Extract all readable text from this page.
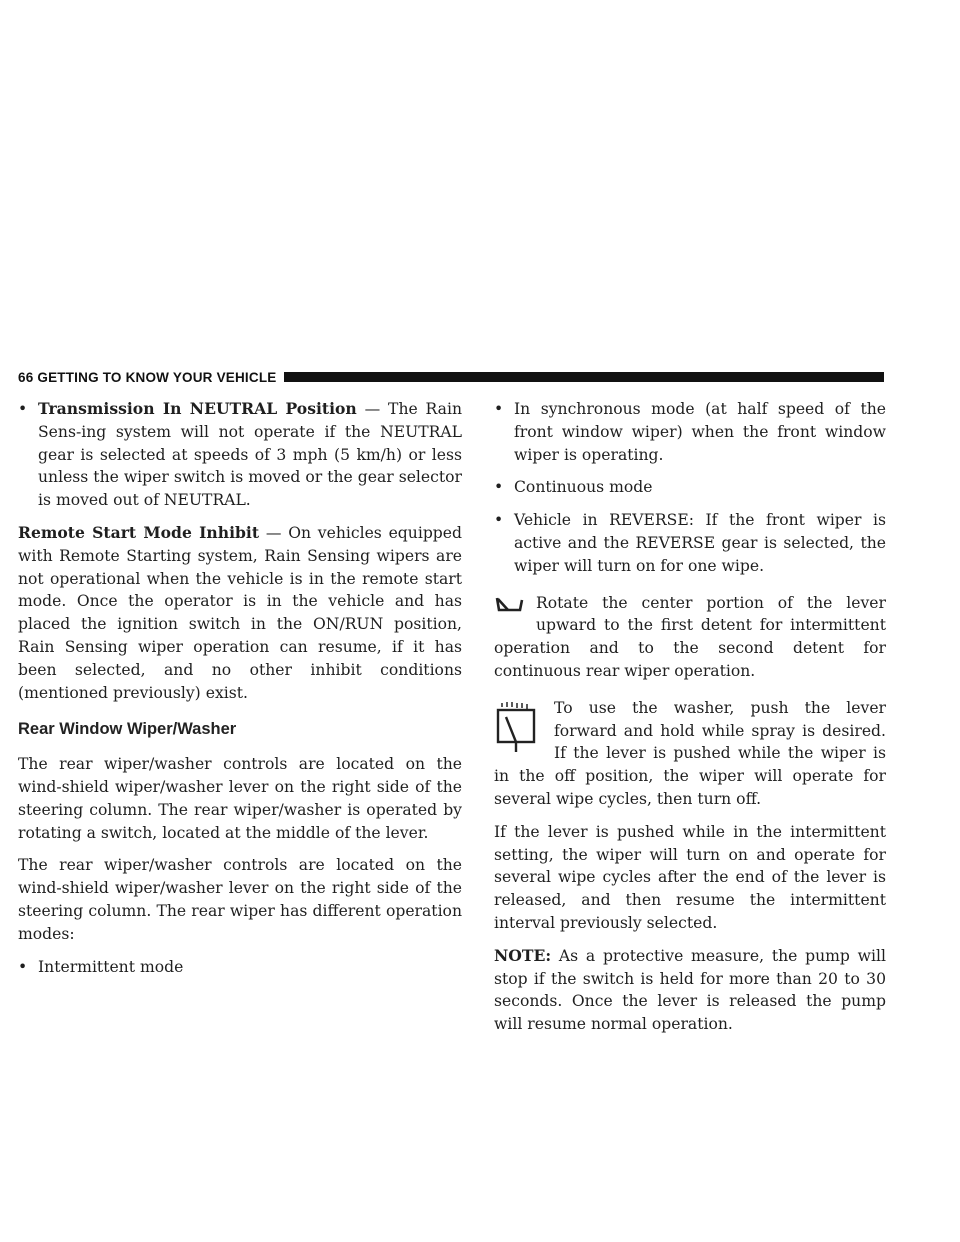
66 GETTING TO KNOW YOUR VEHICLE
• Transmission In NEUTRAL Position — The Rain Sens-ing system will not operate if the NEUTRAL gear is selected at speeds of 3 mph (5 km/h) or less unless the wiper switch is moved or the gear selector is moved out of NEUTRAL.

Remote Start Mode Inhibit — On vehicles equipped with Remote Starting system, Rain Sensing wipers are not operational when the vehicle is in the remote start mode. Once the operator is in the vehicle and has placed the ignition switch in the ON/RUN position, Rain Sensing wiper operation can resume, if it has been selected, and no other inhibit conditions (mentioned previously) exist.

Rear Window Wiper/Washer

The rear wiper/washer controls are located on the wind-shield wiper/washer lever on the right side of the steering column. The rear wiper/washer is operated by rotating a switch, located at the middle of the lever.

The rear wiper/washer controls are located on the wind-shield wiper/washer lever on the right side of the steering column. The rear wiper has different operation modes:

• Intermittent mode
• In synchronous mode (at half speed of the front window wiper) when the front window wiper is operating.
• Continuous mode
• Vehicle in REVERSE: If the front wiper is active and the REVERSE gear is selected, the wiper will turn on for one wipe.
Rotate the center portion of the lever upward to the first detent for intermittent operation and to the second detent for continuous rear wiper operation.
To use the washer, push the lever forward and hold while spray is desired. If the lever is pushed while the wiper is in the off position, the wiper will operate for several wipe cycles, then turn off.

If the lever is pushed while in the intermittent setting, the wiper will turn on and operate for several wipe cycles after the end of the lever is released, and then resume the intermittent interval previously selected.

NOTE: As a protective measure, the pump will stop if the switch is held for more than 20 to 30 seconds. Once the lever is released the pump will resume normal operation.
